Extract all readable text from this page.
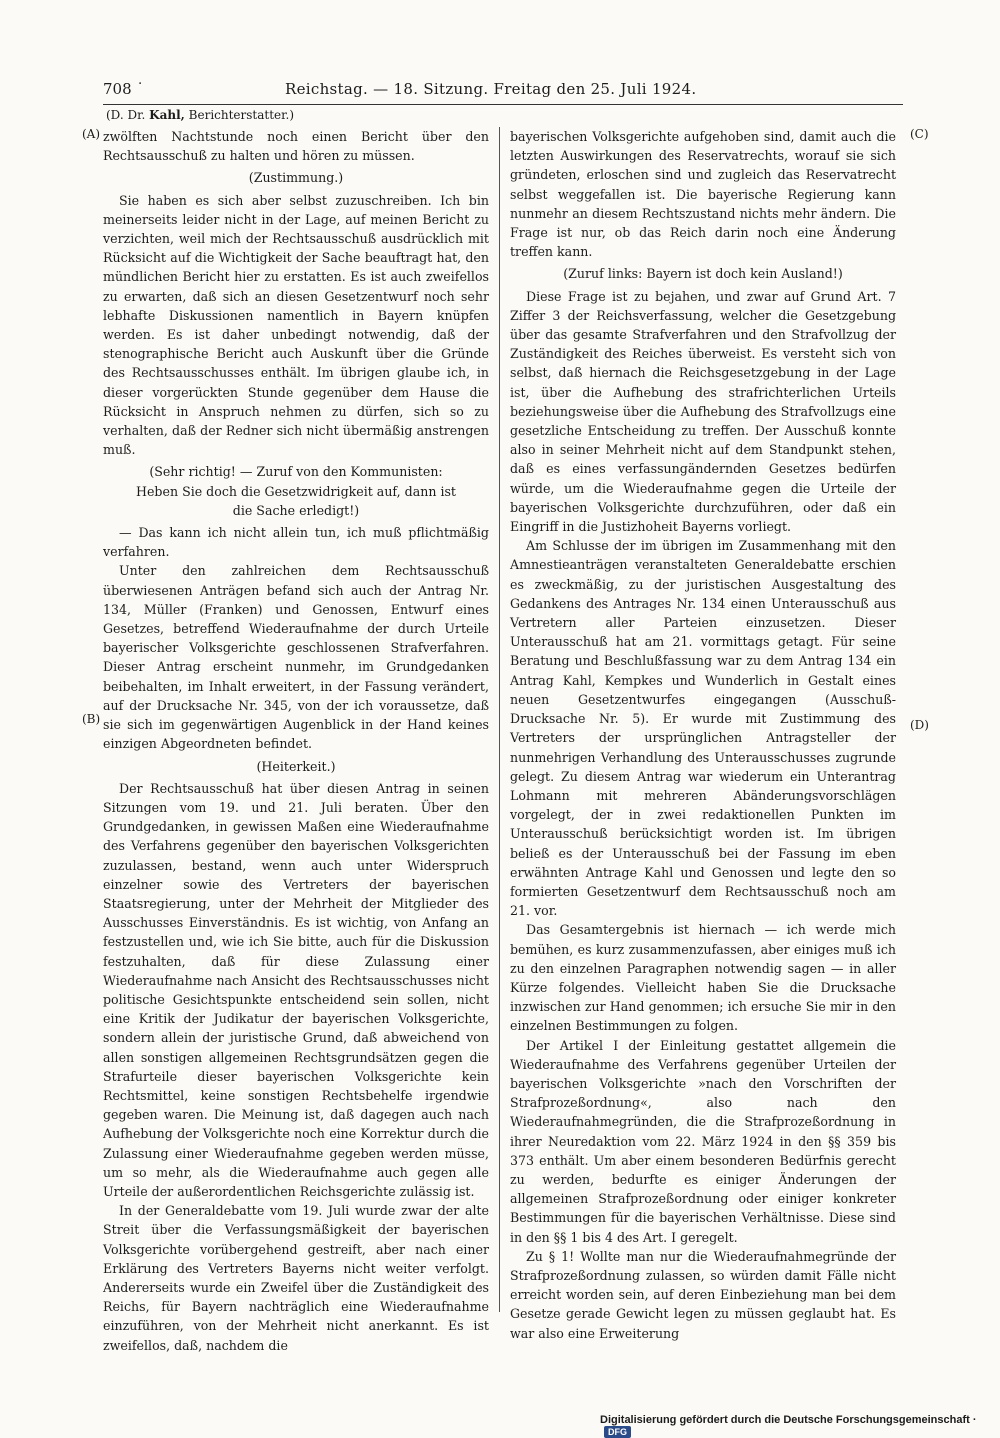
708 ˙	Reichstag. — 18. Sitzung. Freitag den 25. Juli 1924.
(D. Dr. Kahl, Berichterstatter.)
(A)
(B)
(C)
(D)

zwölften Nachtstunde noch einen Bericht über den Rechtsausschuß zu halten und hören zu müssen.

(Zustimmung.)

Sie haben es sich aber selbst zuzuschreiben. Ich bin meinerseits leider nicht in der Lage, auf meinen Bericht zu verzichten, weil mich der Rechtsausschuß ausdrücklich mit Rücksicht auf die Wichtigkeit der Sache beauftragt hat, den mündlichen Bericht hier zu erstatten. Es ist auch zweifellos zu erwarten, daß sich an diesen Gesetzentwurf noch sehr lebhafte Diskussionen namentlich in Bayern knüpfen werden. Es ist daher unbedingt notwendig, daß der stenographische Bericht auch Auskunft über die Gründe des Rechtsausschusses enthält. Im übrigen glaube ich, in dieser vorgerückten Stunde gegenüber dem Hause die Rücksicht in Anspruch nehmen zu dürfen, sich so zu verhalten, daß der Redner sich nicht übermäßig anstrengen muß.

(Sehr richtig! — Zuruf von den Kommunisten:
Heben Sie doch die Gesetzwidrigkeit auf, dann ist
die Sache erledigt!)

— Das kann ich nicht allein tun, ich muß pflichtmäßig verfahren.

Unter den zahlreichen dem Rechtsausschuß überwiesenen Anträgen befand sich auch der Antrag Nr. 134, Müller (Franken) und Genossen, Entwurf eines Gesetzes, betreffend Wiederaufnahme der durch Urteile bayerischer Volksgerichte geschlossenen Strafverfahren. Dieser Antrag erscheint nunmehr, im Grundgedanken beibehalten, im Inhalt erweitert, in der Fassung verändert, auf der Drucksache Nr. 345, von der ich voraussetze, daß sie sich im gegenwärtigen Augenblick in der Hand keines einzigen Abgeordneten befindet.

(Heiterkeit.)

Der Rechtsausschuß hat über diesen Antrag in seinen Sitzungen vom 19. und 21. Juli beraten. Über den Grundgedanken, in gewissen Maßen eine Wiederaufnahme des Verfahrens gegenüber den bayerischen Volksgerichten zuzulassen, bestand, wenn auch unter Widerspruch einzelner sowie des Vertreters der bayerischen Staatsregierung, unter der Mehrheit der Mitglieder des Ausschusses Einverständnis. Es ist wichtig, von Anfang an festzustellen und, wie ich Sie bitte, auch für die Diskussion festzuhalten, daß für diese Zulassung einer Wiederaufnahme nach Ansicht des Rechtsausschusses nicht politische Gesichtspunkte entscheidend sein sollen, nicht eine Kritik der Judikatur der bayerischen Volksgerichte, sondern allein der juristische Grund, daß abweichend von allen sonstigen allgemeinen Rechtsgrundsätzen gegen die Strafurteile dieser bayerischen Volksgerichte kein Rechtsmittel, keine sonstigen Rechtsbehelfe irgendwie gegeben waren. Die Meinung ist, daß dagegen auch nach Aufhebung der Volksgerichte noch eine Korrektur durch die Zulassung einer Wiederaufnahme gegeben werden müsse, um so mehr, als die Wiederaufnahme auch gegen alle Urteile der außerordentlichen Reichsgerichte zulässig ist.

In der Generaldebatte vom 19. Juli wurde zwar der alte Streit über die Verfassungsmäßigkeit der bayerischen Volksgerichte vorübergehend gestreift, aber nach einer Erklärung des Vertreters Bayerns nicht weiter verfolgt. Andererseits wurde ein Zweifel über die Zuständigkeit des Reichs, für Bayern nachträglich eine Wiederaufnahme einzuführen, von der Mehrheit nicht anerkannt. Es ist zweifellos, daß, nachdem die

bayerischen Volksgerichte aufgehoben sind, damit auch die letzten Auswirkungen des Reservatrechts, worauf sie sich gründeten, erloschen sind und zugleich das Reservatrecht selbst weggefallen ist. Die bayerische Regierung kann nunmehr an diesem Rechtszustand nichts mehr ändern. Die Frage ist nur, ob das Reich darin noch eine Änderung treffen kann.

(Zuruf links: Bayern ist doch kein Ausland!)

Diese Frage ist zu bejahen, und zwar auf Grund Art. 7 Ziffer 3 der Reichsverfassung, welcher die Gesetzgebung über das gesamte Strafverfahren und den Strafvollzug der Zuständigkeit des Reiches überweist. Es versteht sich von selbst, daß hiernach die Reichsgesetzgebung in der Lage ist, über die Aufhebung des strafrichterlichen Urteils beziehungsweise über die Aufhebung des Strafvollzugs eine gesetzliche Entscheidung zu treffen. Der Ausschuß konnte also in seiner Mehrheit nicht auf dem Standpunkt stehen, daß es eines verfassungändernden Gesetzes bedürfen würde, um die Wiederaufnahme gegen die Urteile der bayerischen Volksgerichte durchzuführen, oder daß ein Eingriff in die Justizhoheit Bayerns vorliegt.

Am Schlusse der im übrigen im Zusammenhang mit den Amnestieanträgen veranstalteten Generaldebatte erschien es zweckmäßig, zu der juristischen Ausgestaltung des Gedankens des Antrages Nr. 134 einen Unterausschuß aus Vertretern aller Parteien einzusetzen. Dieser Unterausschuß hat am 21. vormittags getagt. Für seine Beratung und Beschlußfassung war zu dem Antrag 134 ein Antrag Kahl, Kempkes und Wunderlich in Gestalt eines neuen Gesetzentwurfes eingegangen (Ausschuß-Drucksache Nr. 5). Er wurde mit Zustimmung des Vertreters der ursprünglichen Antragsteller der nunmehrigen Verhandlung des Unterausschusses zugrunde gelegt. Zu diesem Antrag war wiederum ein Unterantrag Lohmann mit mehreren Abänderungsvorschlägen vorgelegt, der in zwei redaktionellen Punkten im Unterausschuß berücksichtigt worden ist. Im übrigen beließ es der Unterausschuß bei der Fassung im eben erwähnten Antrage Kahl und Genossen und legte den so formierten Gesetzentwurf dem Rechtsausschuß noch am 21. vor.

Das Gesamtergebnis ist hiernach — ich werde mich bemühen, es kurz zusammenzufassen, aber einiges muß ich zu den einzelnen Paragraphen notwendig sagen — in aller Kürze folgendes. Vielleicht haben Sie die Drucksache inzwischen zur Hand genommen; ich ersuche Sie mir in den einzelnen Bestimmungen zu folgen.

Der Artikel I der Einleitung gestattet allgemein die Wiederaufnahme des Verfahrens gegenüber Urteilen der bayerischen Volksgerichte »nach den Vorschriften der Strafprozeßordnung«, also nach den Wiederaufnahmegründen, die die Strafprozeßordnung in ihrer Neuredaktion vom 22. März 1924 in den §§ 359 bis 373 enthält. Um aber einem besonderen Bedürfnis gerecht zu werden, bedurfte es einiger Änderungen der allgemeinen Strafprozeßordnung oder einiger konkreter Bestimmungen für die bayerischen Verhältnisse. Diese sind in den §§ 1 bis 4 des Art. I geregelt.

Zu § 1! Wollte man nur die Wiederaufnahmegründe der Strafprozeßordnung zulassen, so würden damit Fälle nicht erreicht worden sein, auf deren Einbeziehung man bei dem Gesetze gerade Gewicht legen zu müssen geglaubt hat. Es war also eine Erweiterung

Digitalisierung gefördert durch die Deutsche Forschungsgemeinschaft ·DFG
